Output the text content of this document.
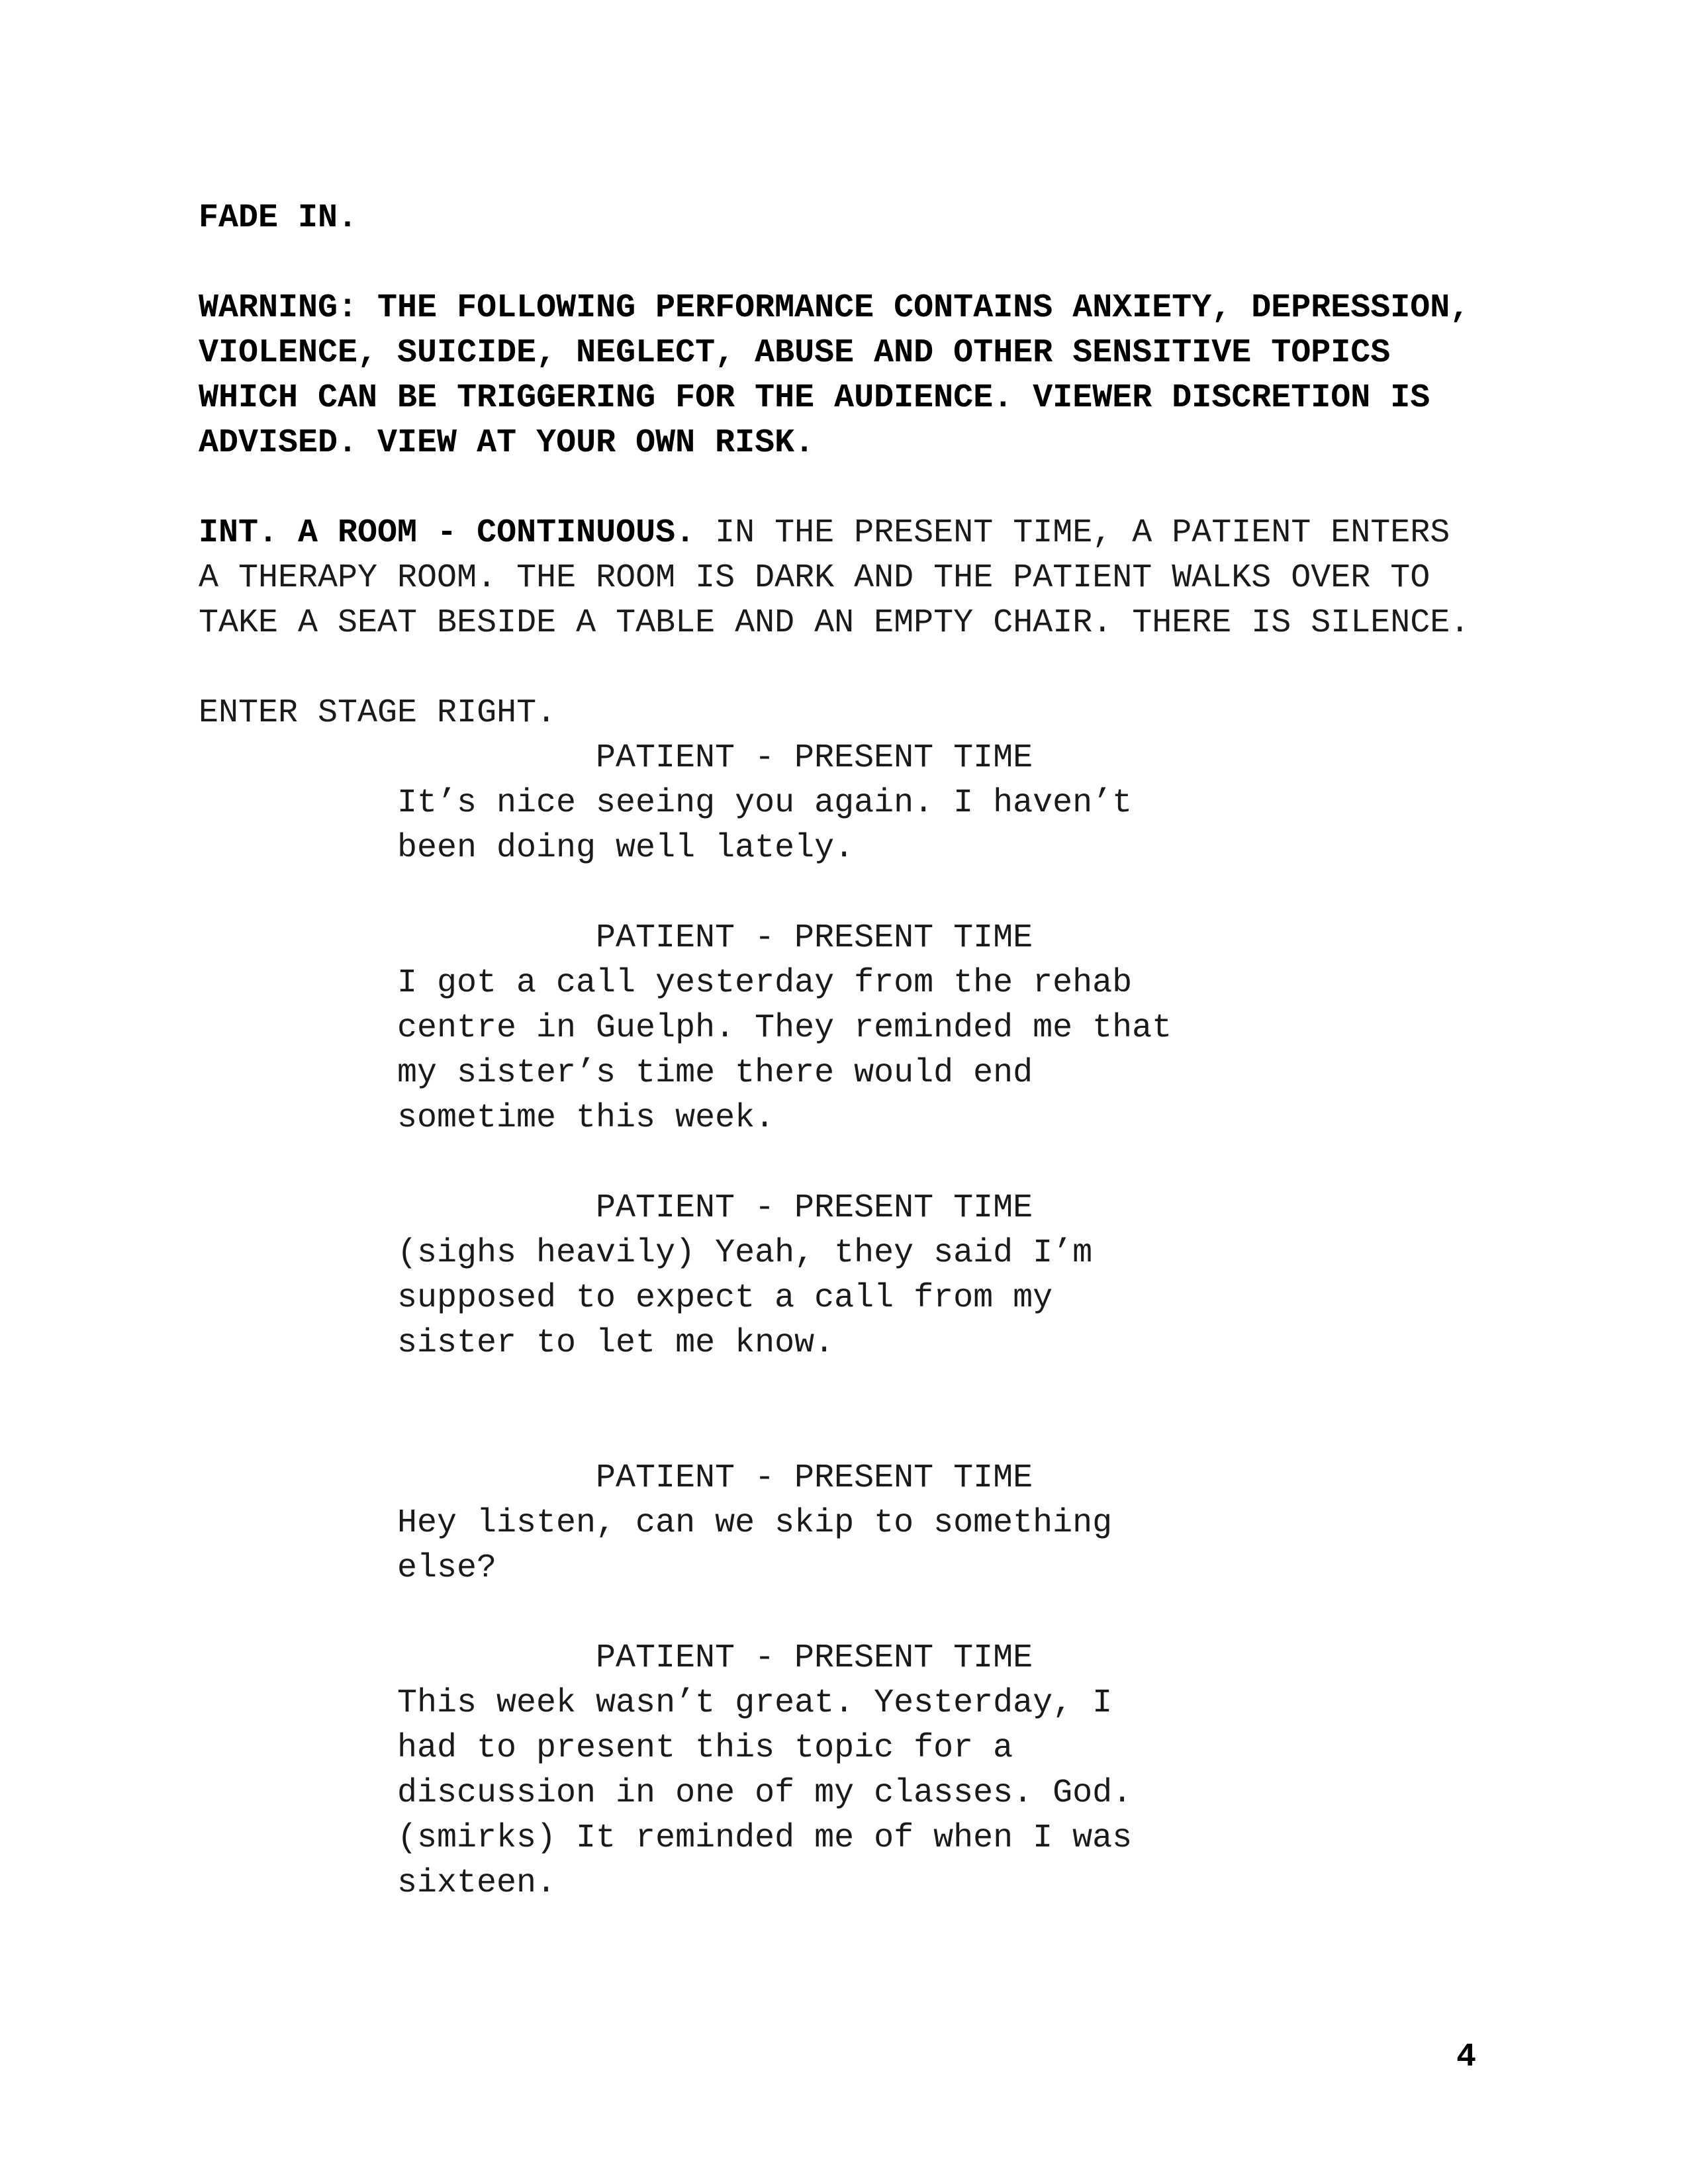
FADE IN.
WARNING: THE FOLLOWING PERFORMANCE CONTAINS ANXIETY, DEPRESSION,
VIOLENCE, SUICIDE, NEGLECT, ABUSE AND OTHER SENSITIVE TOPICS
WHICH CAN BE TRIGGERING FOR THE AUDIENCE. VIEWER DISCRETION IS
ADVISED. VIEW AT YOUR OWN RISK.
INT. A ROOM - CONTINUOUS. IN THE PRESENT TIME, A PATIENT ENTERS
A THERAPY ROOM. THE ROOM IS DARK AND THE PATIENT WALKS OVER TO
TAKE A SEAT BESIDE A TABLE AND AN EMPTY CHAIR. THERE IS SILENCE.
ENTER STAGE RIGHT.
PATIENT - PRESENT TIME
It’s nice seeing you again. I haven’t
been doing well lately.
PATIENT - PRESENT TIME
I got a call yesterday from the rehab
centre in Guelph. They reminded me that
my sister’s time there would end
sometime this week.
PATIENT - PRESENT TIME
(sighs heavily) Yeah, they said I’m
supposed to expect a call from my
sister to let me know.
PATIENT - PRESENT TIME
Hey listen, can we skip to something
else?
PATIENT - PRESENT TIME
This week wasn’t great. Yesterday, I
had to present this topic for a
discussion in one of my classes. God.
(smirks) It reminded me of when I was
sixteen.
4
